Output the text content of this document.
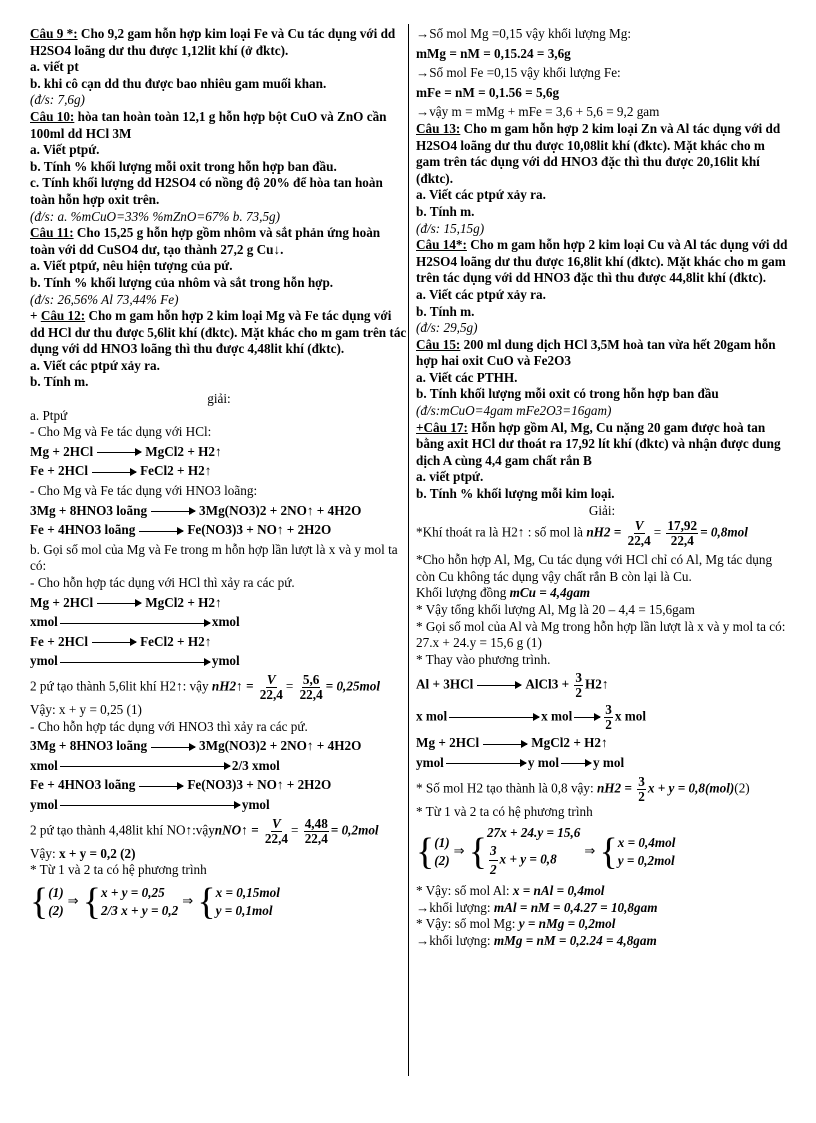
Câu 9 *: Cho 9,2 gam hỗn hợp kim loại Fe và Cu tác dụng với dd H2SO4 loãng dư thu được 1,12lit khí (ở đktc).

a. viết pt

b. khi cô cạn dd thu được bao nhiêu gam muối khan.

(đ/s: 7,6g)

Câu 10: hòa tan hoàn toàn 12,1 g hỗn hợp bột CuO và ZnO cần 100ml dd HCl 3M

a. Viết ptpứ.

b. Tính % khối lượng mỗi oxit trong hỗn hợp ban đầu.

c. Tính khối lượng dd H2SO4 có nồng độ 20% để hòa tan hoàn toàn hỗn hợp oxit trên.

(đ/s: a. %mCuO=33% %mZnO=67% b. 73,5g)

Câu 11: Cho 15,25 g hỗn hợp gồm nhôm và sắt phản ứng hoàn toàn với dd CuSO4 dư, tạo thành 27,2 g Cu↓.

a. Viết ptpứ, nêu hiện tượng của pứ.

b. Tính % khối lượng của nhôm và sắt trong hỗn hợp.

(đ/s: 26,56% Al 73,44% Fe)

+ Câu 12: Cho m gam hỗn hợp 2 kim loại Mg và Fe tác dụng với dd HCl dư thu được 5,6lit khí (đktc). Mặt khác cho m gam trên tác dụng với dd HNO3 loãng thì thu được 4,48lit khí (đktc).

a. Viết các ptpứ xảy ra.

b. Tính m.

giải:

a. Ptpứ

- Cho Mg và Fe tác dụng với HCl:

Mg + 2HCl → MgCl2 + H2↑

Fe + 2HCl → FeCl2 + H2↑

- Cho Mg và Fe tác dụng với HNO3 loãng:

3Mg + 8HNO3 loãng → 3Mg(NO3)2 + 2NO↑ + 4H2O

Fe + 4HNO3 loãng → Fe(NO3)3 + NO↑ + 2H2O

b. Gọi số mol của Mg và Fe trong m hỗn hợp lần lượt là x và y mol ta có:

- Cho hỗn hợp tác dụng với HCl thì xảy ra các pứ.

Mg + 2HCl → MgCl2 + H2↑

xmol	xmol

Fe + 2HCl → FeCl2 + H2↑

ymol	ymol

2 pứ tạo thành 5,6lit khí H2↑: vậy nH2↑ = $\frac{V}{22,4} = \frac{5,6}{22,4} = 0,25mol$

Vậy: x + y = 0,25 (1)

- Cho hỗn hợp tác dụng với HNO3 thì xảy ra các pứ.

3Mg + 8HNO3 loãng → 3Mg(NO3)2 + 2NO↑ + 4H2O

xmol	2/3 xmol

Fe + 4HNO3 loãng → Fe(NO3)3 + NO↑ + 2H2O

ymol	ymol

2 pứ tạo thành 4,48lit khí NO↑:vậynNO↑ = $\frac{V}{22,4} = \frac{4,48}{22,4} = 0,2mol$

Vậy: x + y = 0,2 (2)

* Từ 1 và 2 ta có hệ phương trình

{ (1)
(2)
⇒ { x + y = 0,25
2/3 x + y = 0,2
⇒ { x = 0,15mol
y = 0,1mol

→Số mol Mg =0,15 vậy khối lượng Mg:

mMg = nM = 0,15.24 = 3,6g

→Số mol Fe =0,15 vậy khối lượng Fe:

mFe = nM = 0,1.56 = 5,6g

→vậy m = mMg + mFe = 3,6 + 5,6 = 9,2 gam

Câu 13: Cho m gam hỗn hợp 2 kim loại Zn và Al tác dụng với dd H2SO4 loãng dư thu được 10,08lit khí (đktc). Mặt khác cho m gam trên tác dụng với dd HNO3 đặc thì thu được 20,16lit khí (đktc).

a. Viết các ptpứ xảy ra.

b. Tính m.

(đ/s: 15,15g)

Câu 14*: Cho m gam hỗn hợp 2 kim loại Cu và Al tác dụng với dd H2SO4 loãng dư thu được 16,8lit khí (đktc). Mặt khác cho m gam trên tác dụng với dd HNO3 đặc thì thu được 44,8lit khí (đktc).

a. Viết các ptpứ xảy ra.

b. Tính m.

(đ/s: 29,5g)

Câu 15: 200 ml dung dịch HCl 3,5M hoà tan vừa hết 20gam hỗn hợp hai oxit CuO và Fe2O3

a. Viết các PTHH.

b. Tính khối lượng mỗi oxit có trong hỗn hợp ban đầu

(đ/s:mCuO=4gam mFe2O3=16gam)

+Câu 17: Hỗn hợp gồm Al, Mg, Cu nặng 20 gam được hoà tan bằng axit HCl dư thoát ra 17,92 lít khí (đktc) và nhận được dung dịch A cùng 4,4 gam chất rắn B

a. viết ptpứ.

b. Tính % khối lượng mỗi kim loại.

Giải:

*Khí thoát ra là H2↑ : số mol là $nH2 = \frac{V}{22,4} = \frac{17,92}{22,4} = 0,8mol$

*Cho hỗn hợp Al, Mg, Cu tác dụng với HCl chỉ có Al, Mg tác dụng còn Cu không tác dụng vậy chất rắn B còn lại là Cu.

Khối lượng đồng mCu = 4,4gam

* Vậy tổng khối lượng Al, Mg là 20 – 4,4 = 15,6gam

* Gọi số mol của Al và Mg trong hỗn hợp lần lượt là x và y mol ta có: 27.x + 24.y = 15,6 g (1)

* Thay vào phương trình.

Al + 3HCl → AlCl3 + $\frac{3}{2}$ H2↑

x mol	x mol → $\frac{3}{2}$ x mol

Mg + 2HCl → MgCl2 + H2↑

ymol	y mol → y mol

* Số mol H2 tạo thành là 0,8 vậy: $nH2 = \frac{3}{2}$ x + y = 0,8(mol)(2)

* Từ 1 và 2 ta có hệ phương trình

{ (1)
(2)
⇒ { 27x + 24.y = 15,6
$\frac{3}{2}$ x + y = 0,8
⇒ { x = 0,4mol
y = 0,2mol

* Vậy: số mol Al: x = nAl = 0,4mol

→khối lượng: mAl = nM = 0,4.27 = 10,8gam

* Vậy: số mol Mg: y = nMg = 0,2mol

→khối lượng: mMg = nM = 0,2.24 = 4,8gam
